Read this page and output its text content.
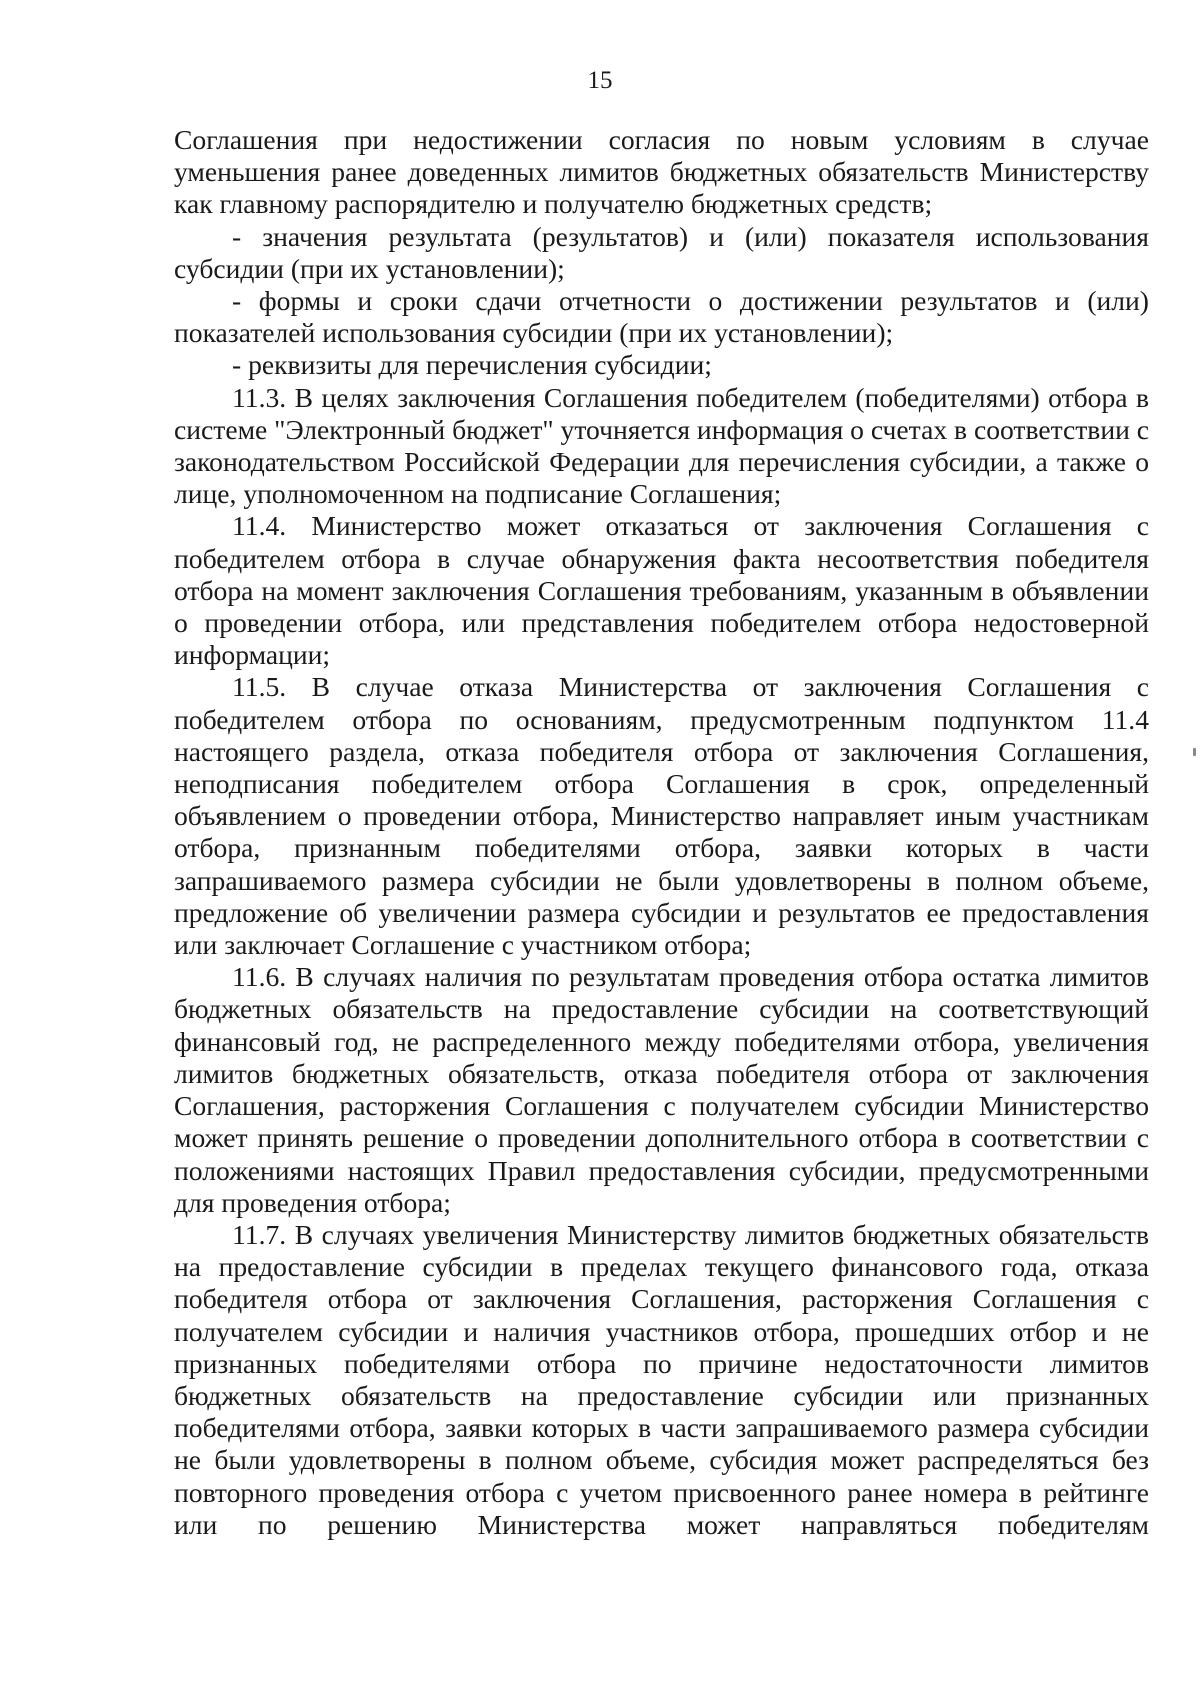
15

Соглашения при недостижении согласия по новым условиям в случае уменьшения ранее доведенных лимитов бюджетных обязательств Министерству как главному распорядителю и получателю бюджетных средств;

- значения результата (результатов) и (или) показателя использования субсидии (при их установлении);

- формы и сроки сдачи отчетности о достижении результатов и (или) показателей использования субсидии (при их установлении);

- реквизиты для перечисления субсидии;

11.3. В целях заключения Соглашения победителем (победителями) отбора в системе "Электронный бюджет" уточняется информация о счетах в соответствии с законодательством Российской Федерации для перечисления субсидии, а также о лице, уполномоченном на подписание Соглашения;

11.4. Министерство может отказаться от заключения Соглашения с победителем отбора в случае обнаружения факта несоответствия победителя отбора на момент заключения Соглашения требованиям, указанным в объявлении о проведении отбора, или представления победителем отбора недостоверной информации;

11.5. В случае отказа Министерства от заключения Соглашения с победителем отбора по основаниям, предусмотренным подпунктом 11.4 настоящего раздела, отказа победителя отбора от заключения Соглашения, неподписания победителем отбора Соглашения в срок, определенный объявлением о проведении отбора, Министерство направляет иным участникам отбора, признанным победителями отбора, заявки которых в части запрашиваемого размера субсидии не были удовлетворены в полном объеме, предложение об увеличении размера субсидии и результатов ее предоставления или заключает Соглашение с участником отбора;

11.6. В случаях наличия по результатам проведения отбора остатка лимитов бюджетных обязательств на предоставление субсидии на соответствующий финансовый год, не распределенного между победителями отбора, увеличения лимитов бюджетных обязательств, отказа победителя отбора от заключения Соглашения, расторжения Соглашения с получателем субсидии Министерство может принять решение о проведении дополнительного отбора в соответствии с положениями настоящих Правил предоставления субсидии, предусмотренными для проведения отбора;

11.7. В случаях увеличения Министерству лимитов бюджетных обязательств на предоставление субсидии в пределах текущего финансового года, отказа победителя отбора от заключения Соглашения, расторжения Соглашения с получателем субсидии и наличия участников отбора, прошедших отбор и не признанных победителями отбора по причине недостаточности лимитов бюджетных обязательств на предоставление субсидии или признанных победителями отбора, заявки которых в части запрашиваемого размера субсидии не были удовлетворены в полном объеме, субсидия может распределяться без повторного проведения отбора с учетом присвоенного ранее номера в рейтинге или по решению Министерства может направляться победителям
